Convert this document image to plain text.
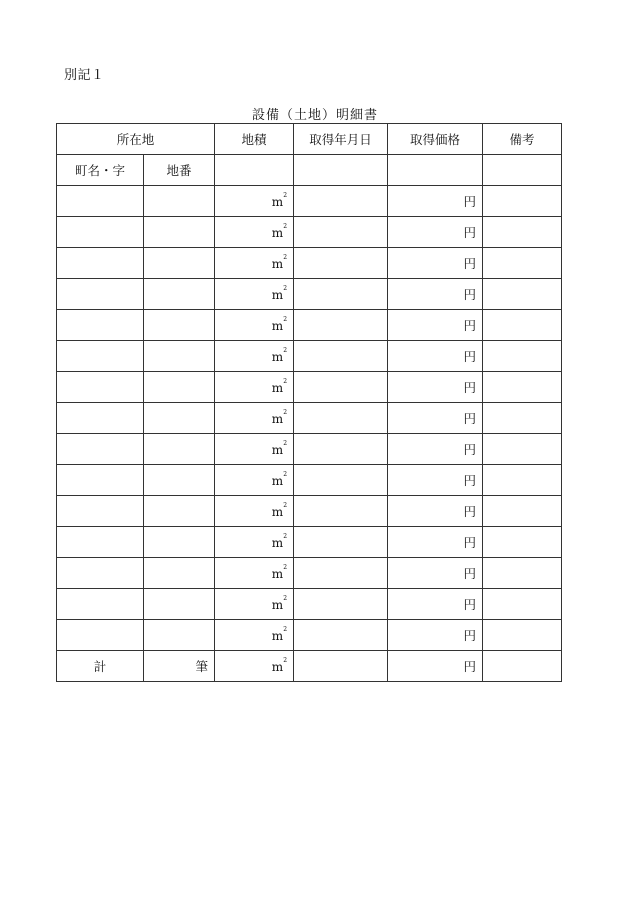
別記１
設備（土地）明細書
所在地		地積	取得年月日	取得価格	備考
町名・字	地番				
		$m^2$		円	
		$m^2$		円	
		$m^2$		円	
		$m^2$		円	
		$m^2$		円	
		$m^2$		円	
		$m^2$		円	
		$m^2$		円	
		$m^2$		円	
		$m^2$		円	
		$m^2$		円	
		$m^2$		円	
		$m^2$		円	
		$m^2$		円	
		$m^2$		円	
計	筆	$m^2$		円	
